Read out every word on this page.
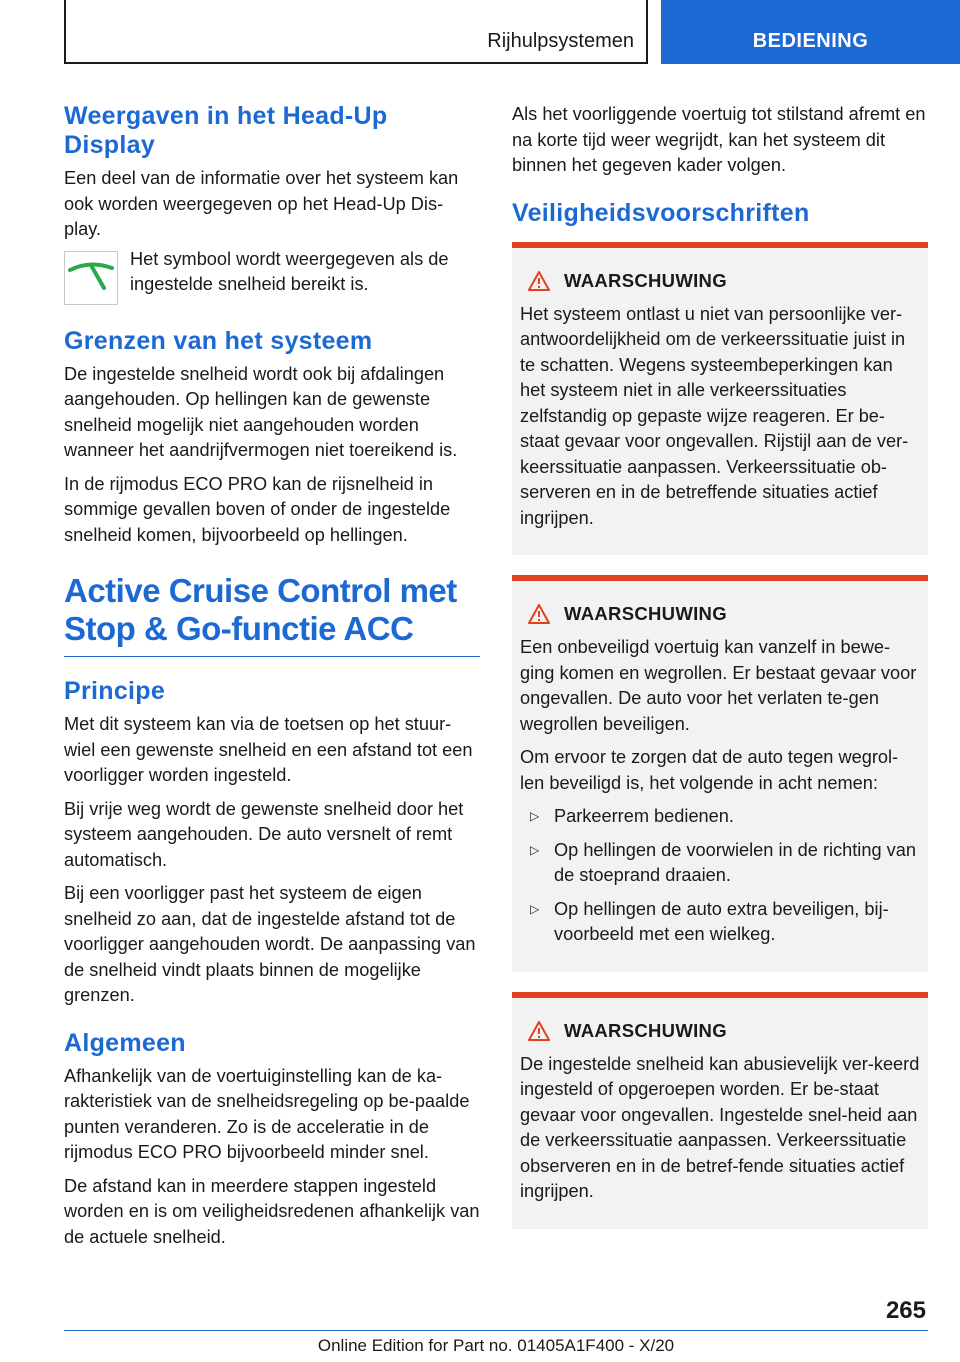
Rijhulpsystemen	BEDIENING
Weergaven in het Head-Up Display

Een deel van de informatie over het systeem kan ook worden weergegeven op het Head-Up Dis-play.

Het symbool wordt weergegeven als de ingestelde snelheid bereikt is.
Grenzen van het systeem

De ingestelde snelheid wordt ook bij afdalingen aangehouden. Op hellingen kan de gewenste snelheid mogelijk niet aangehouden worden wanneer het aandrijfvermogen niet toereikend is.

In de rijmodus ECO PRO kan de rijsnelheid in sommige gevallen boven of onder de ingestelde snelheid komen, bijvoorbeeld op hellingen.

Active Cruise Control met Stop & Go-functie ACC
Principe

Met dit systeem kan via de toetsen op het stuur-wiel een gewenste snelheid en een afstand tot een voorligger worden ingesteld.

Bij vrije weg wordt de gewenste snelheid door het systeem aangehouden. De auto versnelt of remt automatisch.

Bij een voorligger past het systeem de eigen snelheid zo aan, dat de ingestelde afstand tot de voorligger aangehouden wordt. De aanpassing van de snelheid vindt plaats binnen de mogelijke grenzen.

Algemeen

Afhankelijk van de voertuiginstelling kan de ka-rakteristiek van de snelheidsregeling op be-paalde punten veranderen. Zo is de acceleratie in de rijmodus ECO PRO bijvoorbeeld minder snel.

De afstand kan in meerdere stappen ingesteld worden en is om veiligheidsredenen afhankelijk van de actuele snelheid.

Als het voorliggende voertuig tot stilstand afremt en na korte tijd weer wegrijdt, kan het systeem dit binnen het gegeven kader volgen.

Veiligheidsvoorschriften
WAARSCHUWING

Het systeem ontlast u niet van persoonlijke ver-antwoordelijkheid om de verkeerssituatie juist in te schatten. Wegens systeembeperkingen kan het systeem niet in alle verkeerssituaties zelfstandig op gepaste wijze reageren. Er be-staat gevaar voor ongevallen. Rijstijl aan de ver-keerssituatie aanpassen. Verkeerssituatie ob-serveren en in de betreffende situaties actief ingrijpen.

WAARSCHUWING

Een onbeveiligd voertuig kan vanzelf in bewe-ging komen en wegrollen. Er bestaat gevaar voor ongevallen. De auto voor het verlaten te-gen wegrollen beveiligen.

Om ervoor te zorgen dat de auto tegen wegrol-len beveiligd is, het volgende in acht nemen:

▷ Parkeerrem bedienen.
▷ Op hellingen de voorwielen in de richting van de stoeprand draaien.
▷ Op hellingen de auto extra beveiligen, bij-voorbeeld met een wielkeg.
WAARSCHUWING

De ingestelde snelheid kan abusievelijk ver-keerd ingesteld of opgeroepen worden. Er be-staat gevaar voor ongevallen. Ingestelde snel-heid aan de verkeerssituatie aanpassen. Verkeerssituatie observeren en in de betref-fende situaties actief ingrijpen.

265
Online Edition for Part no. 01405A1F400 - X/20
